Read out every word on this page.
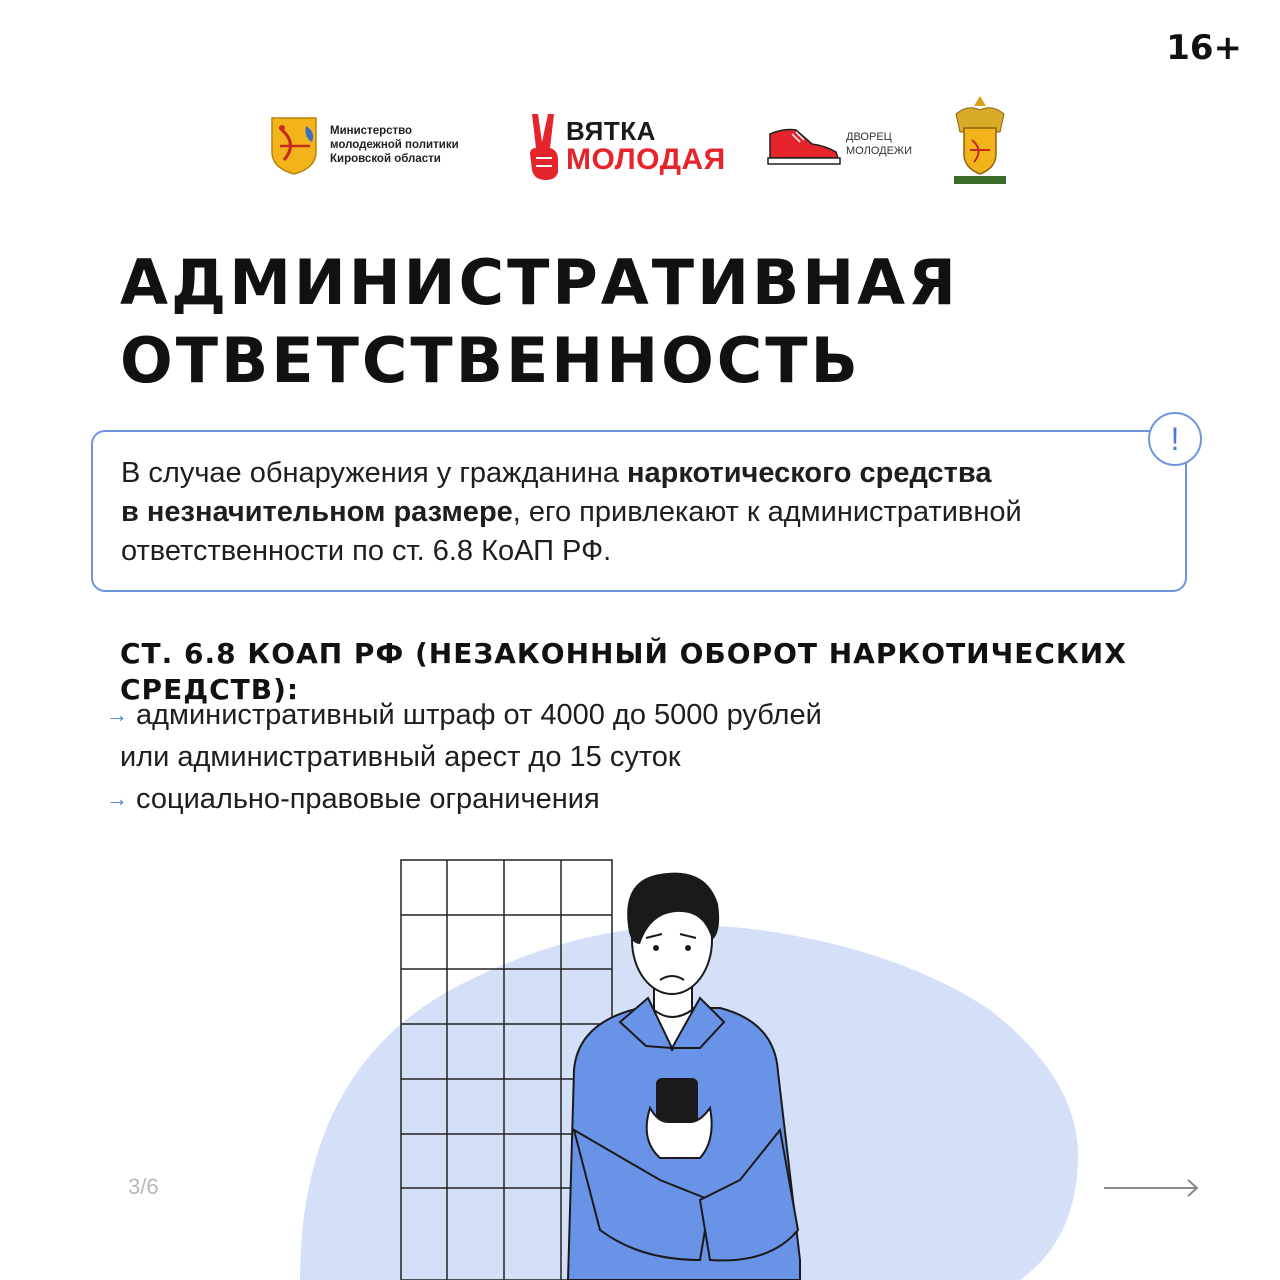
16+
Министерство
молодежной политики
Кировской области
ВЯТКА
МОЛОДАЯ
ДВОРЕЦ
МОЛОДЕЖИ
АДМИНИСТРАТИВНАЯ
ОТВЕТСТВЕННОСТЬ

В случае обнаружения у гражданина наркотического средства
в незначительном размере, его привлекают к административной ответственности по ст. 6.8 КоАП РФ.

!
СТ. 6.8 КОАП РФ (НЕЗАКОННЫЙ ОБОРОТ НАРКОТИЧЕСКИХ СРЕДСТВ):
→ административный штраф от 4000 до 5000 рублей
или административный арест до 15 суток
→ социально-правовые ограничения
3/6
